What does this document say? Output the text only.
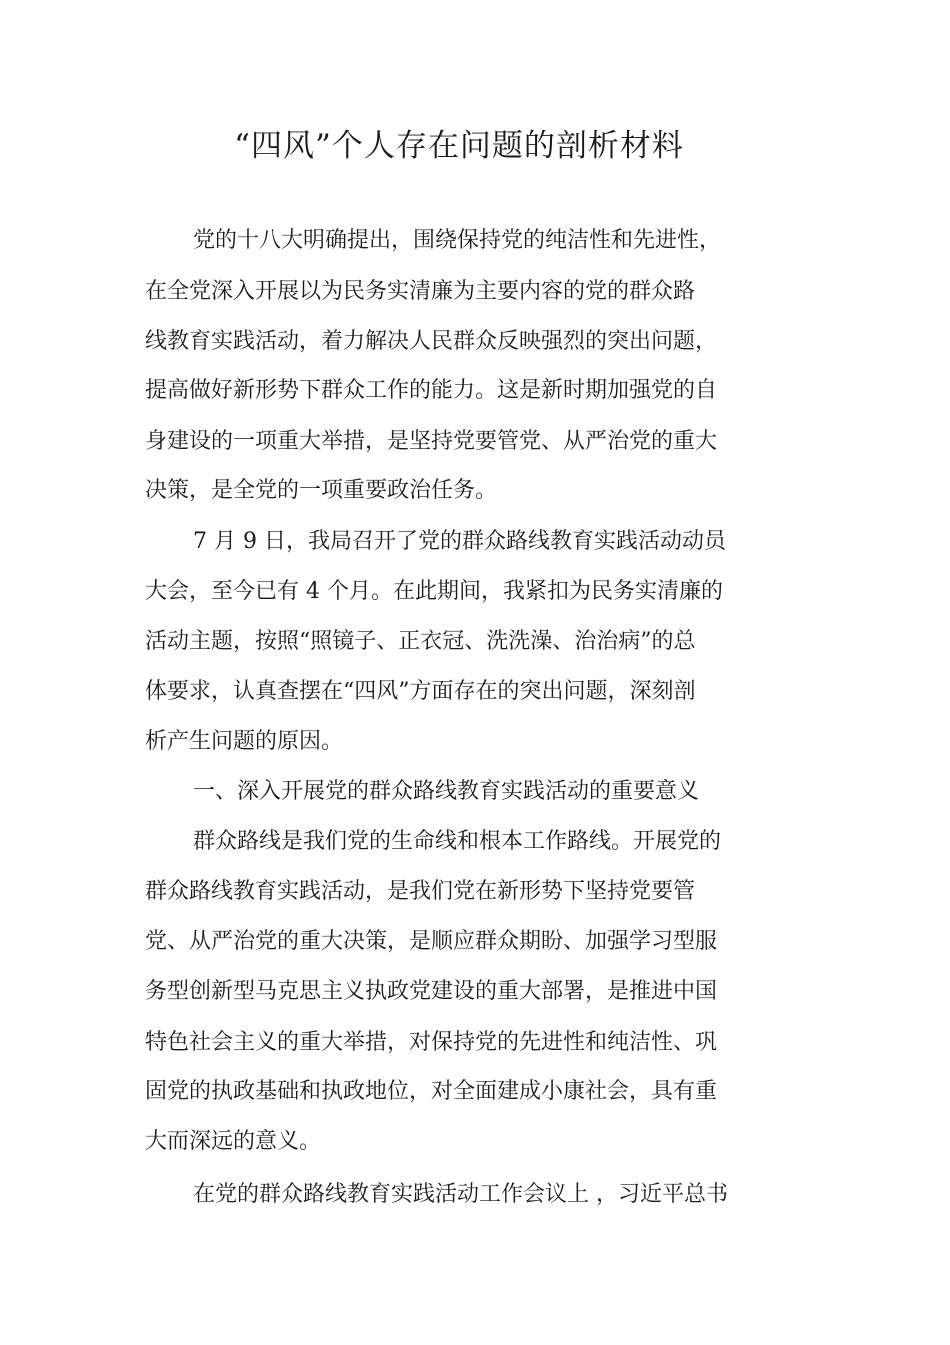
“四风”个人存在问题的剖析材料
党的十八大明确提出，围绕保持党的纯洁性和先进性，
在全党深入开展以为民务实清廉为主要内容的党的群众路
线教育实践活动，着力解决人民群众反映强烈的突出问题，
提高做好新形势下群众工作的能力。这是新时期加强党的自
身建设的一项重大举措，是坚持党要管党、从严治党的重大
决策，是全党的一项重要政治任务。
7 月 9 日，我局召开了党的群众路线教育实践活动动员
大会，至今已有 4 个月。在此期间，我紧扣为民务实清廉的
活动主题，按照“照镜子、正衣冠、洗洗澡、治治病”的总
体要求，认真查摆在“四风”方面存在的突出问题，深刻剖
析产生问题的原因。
一、深入开展党的群众路线教育实践活动的重要意义
群众路线是我们党的生命线和根本工作路线。开展党的
群众路线教育实践活动，是我们党在新形势下坚持党要管
党、从严治党的重大决策，是顺应群众期盼、加强学习型服
务型创新型马克思主义执政党建设的重大部署，是推进中国
特色社会主义的重大举措，对保持党的先进性和纯洁性、巩
固党的执政基础和执政地位，对全面建成小康社会，具有重
大而深远的意义。
在党的群众路线教育实践活动工作会议上 ，习近平总书
